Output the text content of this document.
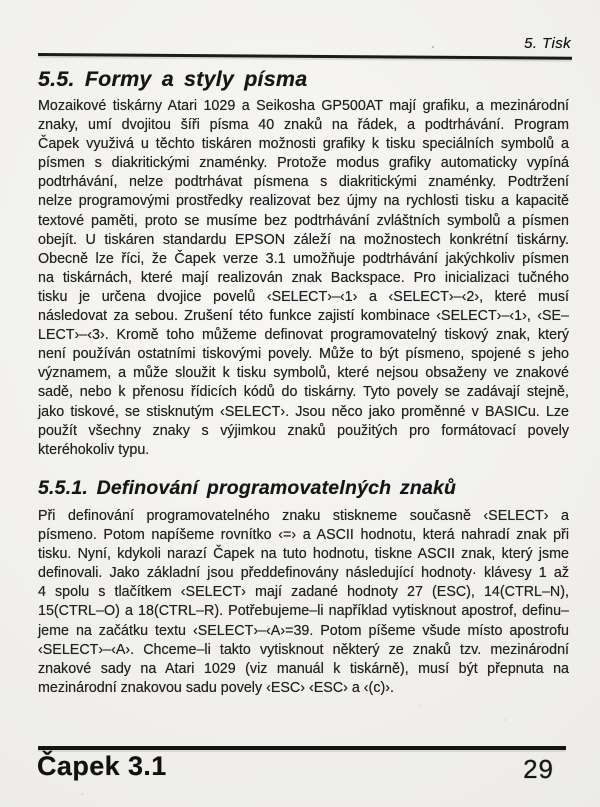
5. Tisk
5.5. Formy a styly písma
Mozaikové tiskárny Atari 1029 a Seikosha GP500AT mají grafiku, a mezinárodní
znaky, umí dvojitou šíři písma 40 znaků na řádek, a podtrhávání. Program
Čapek využivá u těchto tiskáren možnosti grafiky k tisku speciálních symbolů a
písmen s diakritickými znaménky. Protože modus grafiky automaticky vypíná
podtrhávání, nelze podtrhávat písmena s diakritickými znaménky. Podtržení
nelze programovými prostředky realizovat bez újmy na rychlosti tisku a kapacitě
textové paměti, proto se musíme bez podtrhávání zvláštních symbolů a písmen
obejít. U tiskáren standardu EPSON záleží na možnostech konkrétní tiskárny.
Obecně lze říci, že Čapek verze 3.1 umožňuje podtrhávání jakýchkoliv písmen
na tiskárnách, které mají realizován znak Backspace. Pro inicializaci tučného
tisku je určena dvojice povelů ‹SELECT›–‹1› a ‹SELECT›–‹2›, které musí
následovat za sebou. Zrušení této funkce zajistí kombinace ‹SELECT›–‹1›, ‹SE–
LECT›–‹3›. Kromě toho můžeme definovat programovatelný tiskový znak, který
není používán ostatními tiskovými povely. Může to být písmeno, spojené s jeho
významem, a může sloužit k tisku symbolů, které nejsou obsaženy ve znakové
sadě, nebo k přenosu řídicích kódů do tiskárny. Tyto povely se zadávají stejně,
jako tiskové, se stisknutým ‹SELECT›. Jsou něco jako proměnné v BASICu. Lze
použít všechny znaky s výjimkou znaků použitých pro formátovací povely
kteréhokoliv typu.
5.5.1. Definování programovatelných znaků
Při definování programovatelného znaku stiskneme současně ‹SELECT› a
písmeno. Potom napíšeme rovnítko ‹=› a ASCII hodnotu, která nahradí znak při
tisku. Nyní, kdykoli narazí Čapek na tuto hodnotu, tiskne ASCII znak, který jsme
definovali. Jako základní jsou předdefinovány následující hodnoty· klávesy 1 až
4 spolu s tlačítkem ‹SELECT› mají zadané hodnoty 27 (ESC), 14(CTRL–N),
15(CTRL–O) a 18(CTRL–R). Potřebujeme–li například vytisknout apostrof, definu–
jeme na začátku textu ‹SELECT›–‹A›=39. Potom píšeme všude místo apostrofu
‹SELECT›–‹A›. Chceme–li takto vytisknout některý ze znaků tzv. mezinárodní
znakové sady na Atari 1029 (viz manuál k tiskárně), musí být přepnuta na
mezinárodní znakovou sadu povely ‹ESC› ‹ESC› a ‹(c)›.
Čapek 3.1	29
